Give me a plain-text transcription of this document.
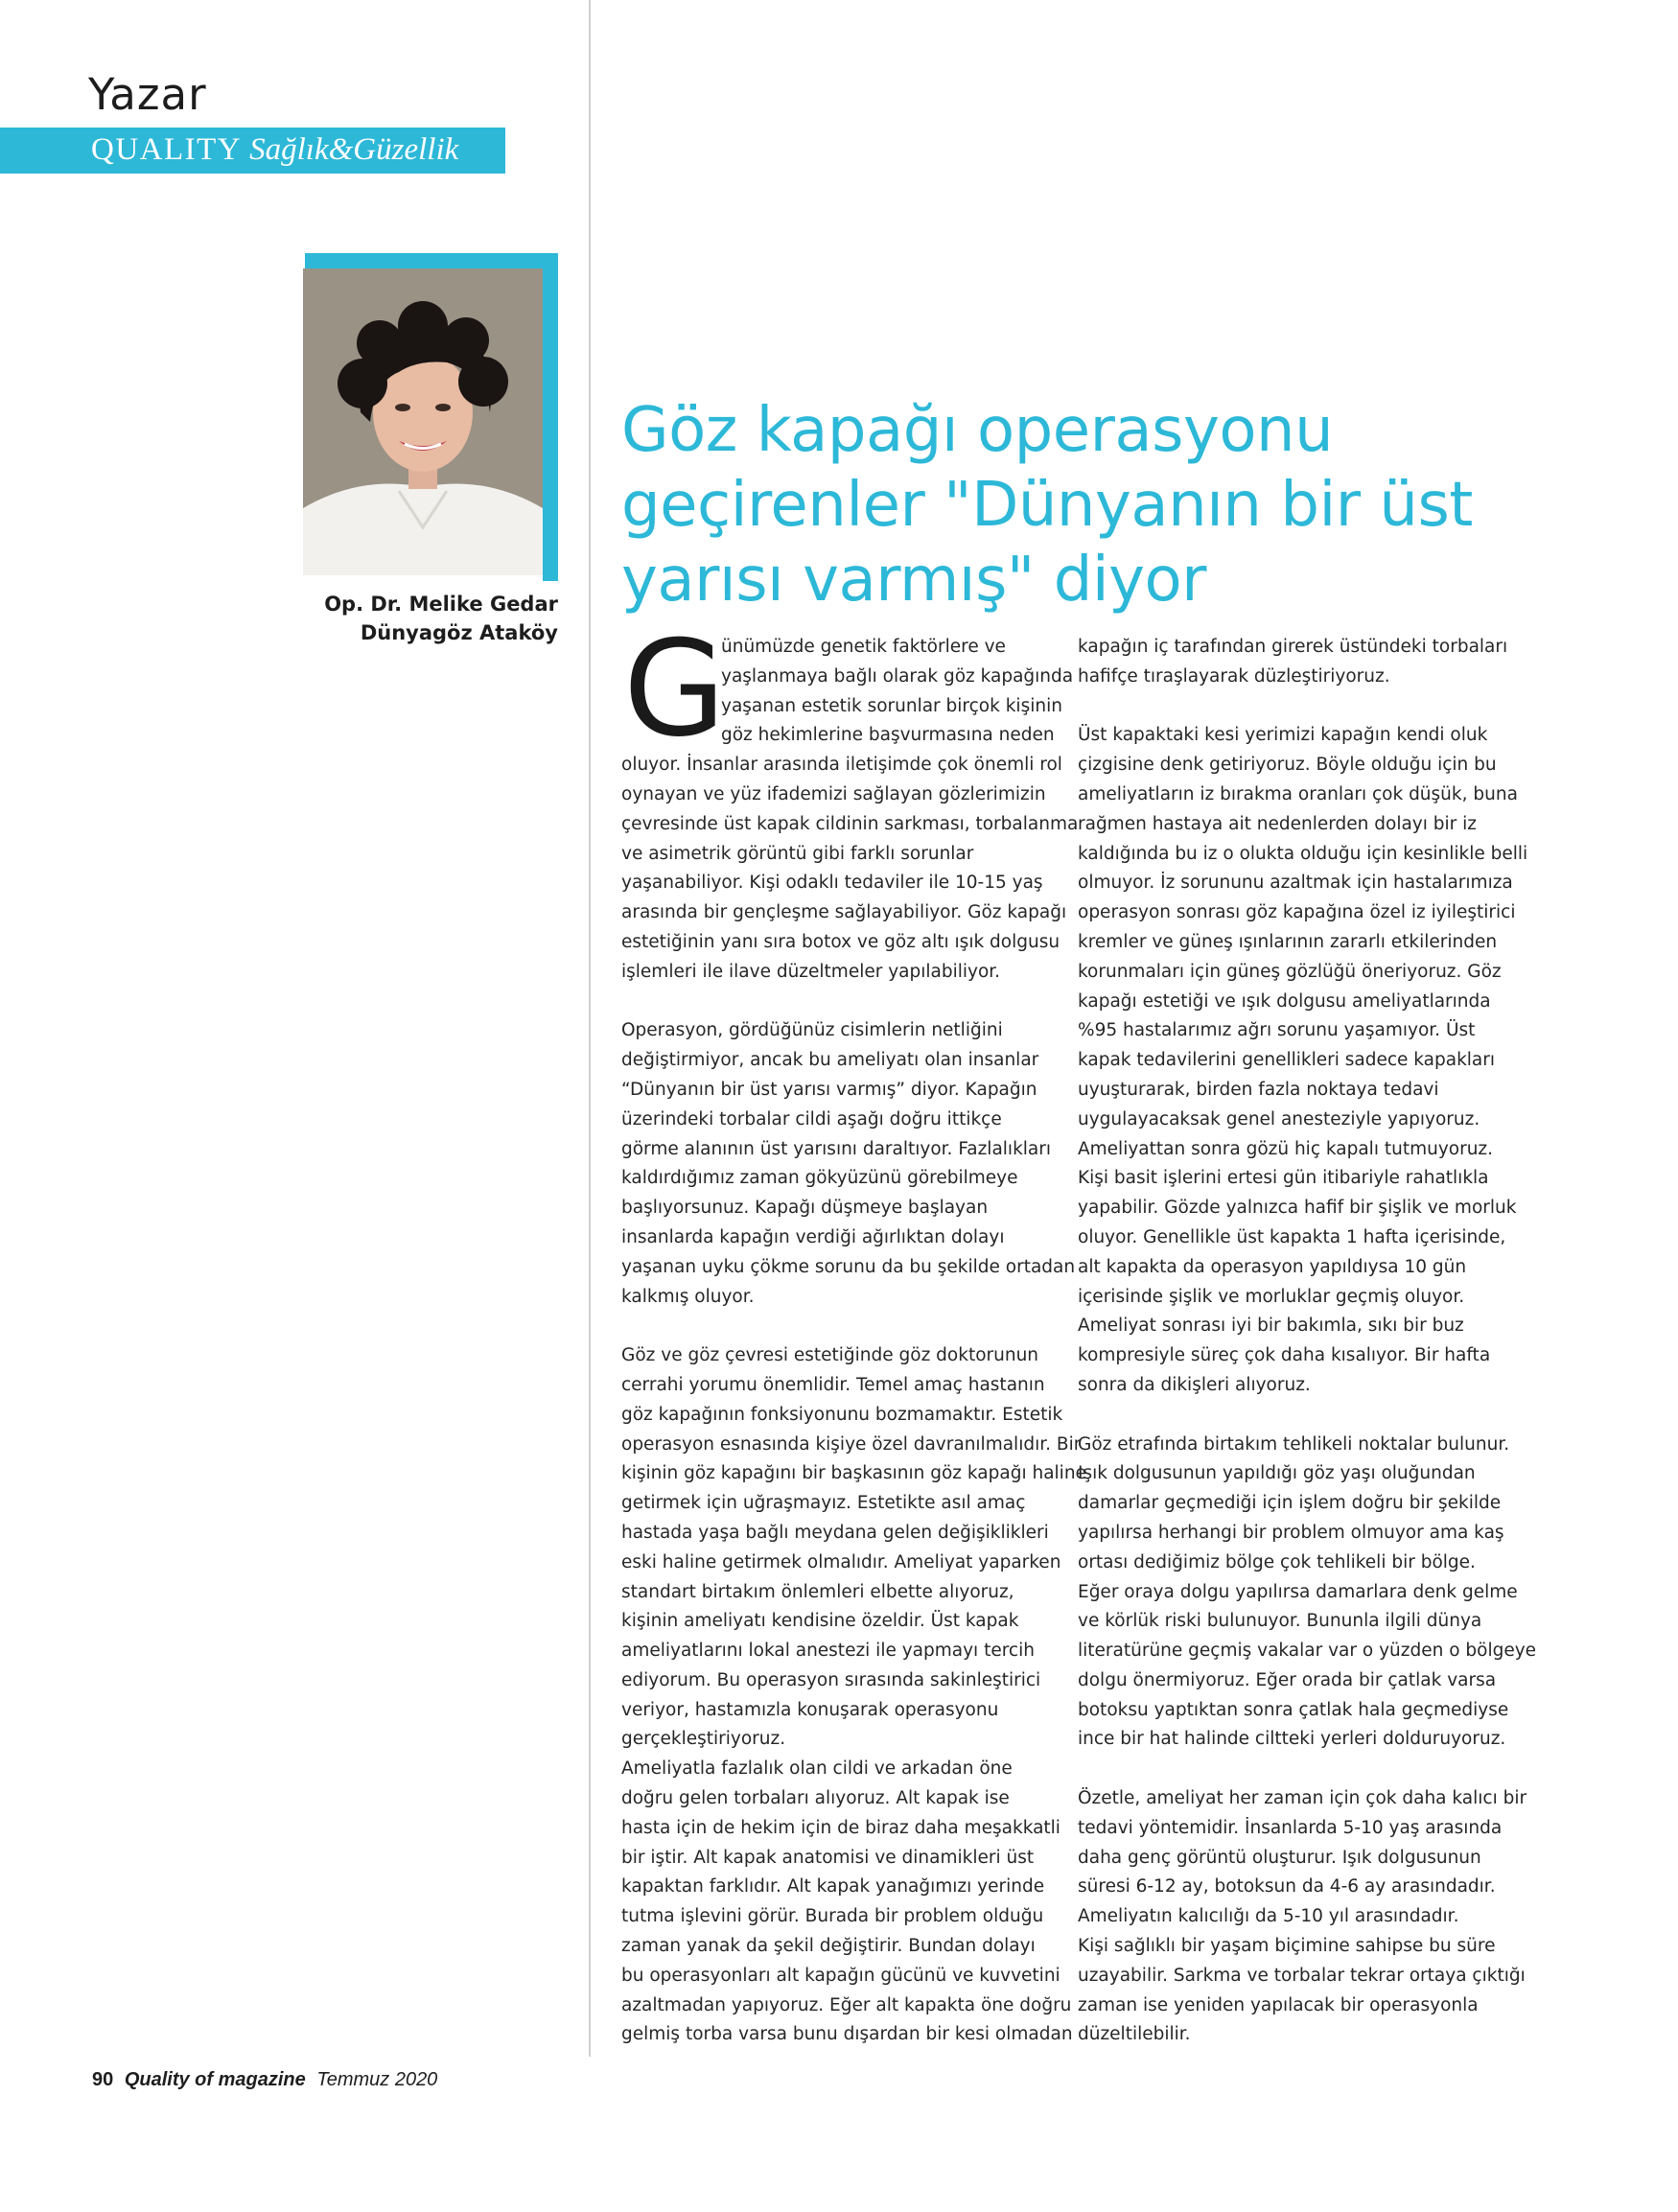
Yazar
QUALITY Sağlık&Güzellik
Op. Dr. Melike Gedar
Dünyagöz Ataköy
Göz kapağı operasyonu geçirenler "Dünyanın bir üst yarısı varmış" diyor
G
ünümüzde genetik faktörlere ve
yaşlanmaya bağlı olarak göz kapağında
yaşanan estetik sorunlar birçok kişinin
göz hekimlerine başvurmasına neden
oluyor. İnsanlar arasında iletişimde çok önemli rol
oynayan ve yüz ifademizi sağlayan gözlerimizin
çevresinde üst kapak cildinin sarkması, torbalanma
ve asimetrik görüntü gibi farklı sorunlar
yaşanabiliyor. Kişi odaklı tedaviler ile 10-15 yaş
arasında bir gençleşme sağlayabiliyor. Göz kapağı
estetiğinin yanı sıra botox ve göz altı ışık dolgusu
işlemleri ile ilave düzeltmeler yapılabiliyor.
Operasyon, gördüğünüz cisimlerin netliğini
değiştirmiyor, ancak bu ameliyatı olan insanlar
“Dünyanın bir üst yarısı varmış” diyor. Kapağın
üzerindeki torbalar cildi aşağı doğru ittikçe
görme alanının üst yarısını daraltıyor. Fazlalıkları
kaldırdığımız zaman gökyüzünü görebilmeye
başlıyorsunuz. Kapağı düşmeye başlayan
insanlarda kapağın verdiği ağırlıktan dolayı
yaşanan uyku çökme sorunu da bu şekilde ortadan
kalkmış oluyor.
Göz ve göz çevresi estetiğinde göz doktorunun
cerrahi yorumu önemlidir. Temel amaç hastanın
göz kapağının fonksiyonunu bozmamaktır. Estetik
operasyon esnasında kişiye özel davranılmalıdır. Bir
kişinin göz kapağını bir başkasının göz kapağı haline
getirmek için uğraşmayız. Estetikte asıl amaç
hastada yaşa bağlı meydana gelen değişiklikleri
eski haline getirmek olmalıdır. Ameliyat yaparken
standart birtakım önlemleri elbette alıyoruz,
kişinin ameliyatı kendisine özeldir. Üst kapak
ameliyatlarını lokal anestezi ile yapmayı tercih
ediyorum. Bu operasyon sırasında sakinleştirici
veriyor, hastamızla konuşarak operasyonu
gerçekleştiriyoruz.
Ameliyatla fazlalık olan cildi ve arkadan öne
doğru gelen torbaları alıyoruz. Alt kapak ise
hasta için de hekim için de biraz daha meşakkatli
bir iştir. Alt kapak anatomisi ve dinamikleri üst
kapaktan farklıdır. Alt kapak yanağımızı yerinde
tutma işlevini görür. Burada bir problem olduğu
zaman yanak da şekil değiştirir. Bundan dolayı
bu operasyonları alt kapağın gücünü ve kuvvetini
azaltmadan yapıyoruz. Eğer alt kapakta öne doğru
gelmiş torba varsa bunu dışardan bir kesi olmadan
kapağın iç tarafından girerek üstündeki torbaları
hafifçe tıraşlayarak düzleştiriyoruz.
Üst kapaktaki kesi yerimizi kapağın kendi oluk
çizgisine denk getiriyoruz. Böyle olduğu için bu
ameliyatların iz bırakma oranları çok düşük, buna
rağmen hastaya ait nedenlerden dolayı bir iz
kaldığında bu iz o olukta olduğu için kesinlikle belli
olmuyor. İz sorununu azaltmak için hastalarımıza
operasyon sonrası göz kapağına özel iz iyileştirici
kremler ve güneş ışınlarının zararlı etkilerinden
korunmaları için güneş gözlüğü öneriyoruz. Göz
kapağı estetiği ve ışık dolgusu ameliyatlarında
%95 hastalarımız ağrı sorunu yaşamıyor. Üst
kapak tedavilerini genellikleri sadece kapakları
uyuşturarak, birden fazla noktaya tedavi
uygulayacaksak genel anesteziyle yapıyoruz.
Ameliyattan sonra gözü hiç kapalı tutmuyoruz.
Kişi basit işlerini ertesi gün itibariyle rahatlıkla
yapabilir. Gözde yalnızca hafif bir şişlik ve morluk
oluyor. Genellikle üst kapakta 1 hafta içerisinde,
alt kapakta da operasyon yapıldıysa 10 gün
içerisinde şişlik ve morluklar geçmiş oluyor.
Ameliyat sonrası iyi bir bakımla, sıkı bir buz
kompresiyle süreç çok daha kısalıyor. Bir hafta
sonra da dikişleri alıyoruz.
Göz etrafında birtakım tehlikeli noktalar bulunur.
Işık dolgusunun yapıldığı göz yaşı oluğundan
damarlar geçmediği için işlem doğru bir şekilde
yapılırsa herhangi bir problem olmuyor ama kaş
ortası dediğimiz bölge çok tehlikeli bir bölge.
Eğer oraya dolgu yapılırsa damarlara denk gelme
ve körlük riski bulunuyor. Bununla ilgili dünya
literatürüne geçmiş vakalar var o yüzden o bölgeye
dolgu önermiyoruz. Eğer orada bir çatlak varsa
botoksu yaptıktan sonra çatlak hala geçmediyse
ince bir hat halinde ciltteki yerleri dolduruyoruz.
Özetle, ameliyat her zaman için çok daha kalıcı bir
tedavi yöntemidir. İnsanlarda 5-10 yaş arasında
daha genç görüntü oluşturur. Işık dolgusunun
süresi 6-12 ay, botoksun da 4-6 ay arasındadır.
Ameliyatın kalıcılığı da 5-10 yıl arasındadır.
Kişi sağlıklı bir yaşam biçimine sahipse bu süre
uzayabilir. Sarkma ve torbalar tekrar ortaya çıktığı
zaman ise yeniden yapılacak bir operasyonla
düzeltilebilir.
90 Quality of magazine Temmuz 2020
